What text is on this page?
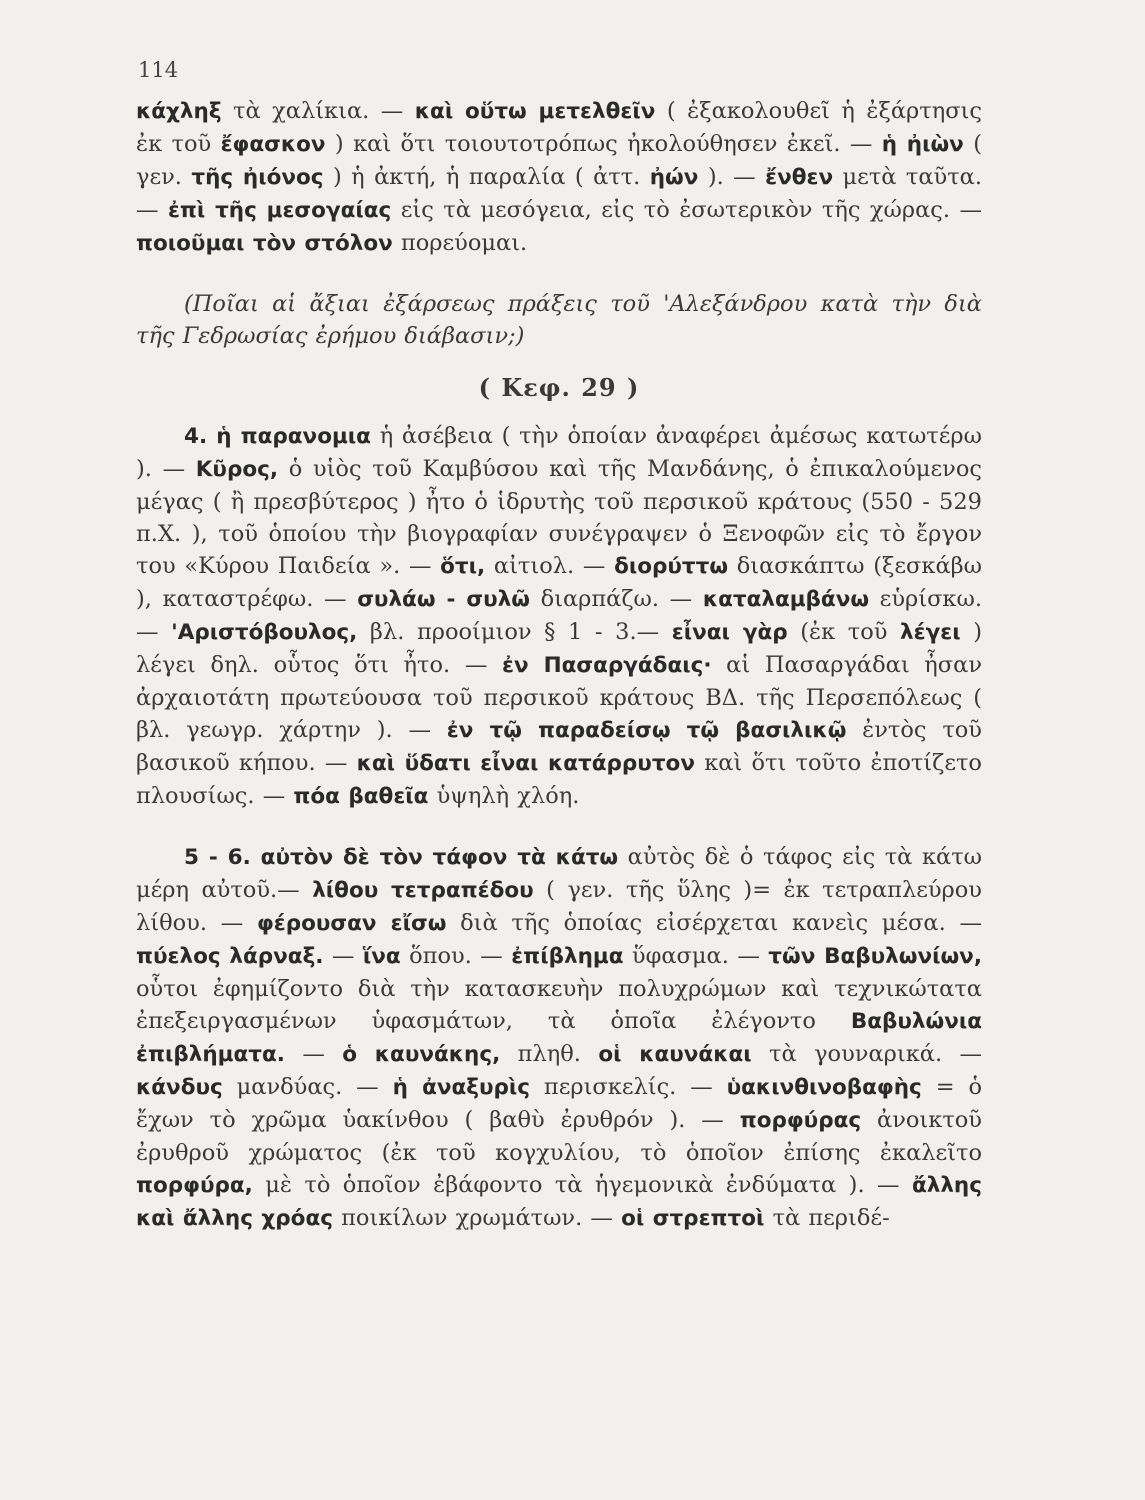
114

κάχληξ τὰ χαλίκια. — καὶ οὕτω μετελθεῖν ( ἐξακολουθεῖ ἡ ἐξάρτησις ἐκ τοῦ ἔφασκον ) καὶ ὅτι τοιουτοτρόπως ἠκολούθησεν ἐκεῖ. — ἡ ἠιὼν ( γεν. τῆς ἠιόνος ) ἡ ἀκτή, ἡ παραλία ( ἀττ. ἠών ). — ἔνθεν μετὰ ταῦτα. — ἐπὶ τῆς μεσογαίας εἰς τὰ μεσόγεια, εἰς τὸ ἐσωτερικὸν τῆς χώρας. — ποιοῦμαι τὸν στόλον πορεύομαι.

(Ποῖαι αἱ ἄξιαι ἐξάρσεως πράξεις τοῦ 'Αλεξάνδρου κατὰ τὴν διὰ τῆς Γεδρωσίας ἐρήμου διάβασιν;)

( Κεφ. 29 )

4. ἡ παρανομια ἡ ἀσέβεια ( τὴν ὁποίαν ἀναφέρει ἀμέσως κατωτέρω ). — Κῦρος, ὁ υἱὸς τοῦ Καμβύσου καὶ τῆς Μανδάνης, ὁ ἐπικαλούμενος μέγας ( ἢ πρεσβύτερος ) ἦτο ὁ ἱδρυτὴς τοῦ περσικοῦ κράτους (550 - 529 π.Χ. ), τοῦ ὁποίου τὴν βιογραφίαν συνέγραψεν ὁ Ξενοφῶν εἰς τὸ ἔργον του «Κύρου Παιδεία ». — ὅτι, αἰτιολ. — διορύττω διασκάπτω (ξεσκάβω ), καταστρέφω. — συλάω - συλῶ διαρπάζω. — καταλαμβάνω εὑρίσκω.— 'Αριστόβουλος, βλ. προοίμιον § 1 - 3.— εἶναι γὰρ (ἐκ τοῦ λέγει ) λέγει δηλ. οὗτος ὅτι ἦτο. — ἐν Πασαργάδαις· αἱ Πασαργάδαι ἦσαν ἀρχαιοτάτη πρωτεύουσα τοῦ περσικοῦ κράτους ΒΔ. τῆς Περσεπόλεως ( βλ. γεωγρ. χάρτην ). — ἐν τῷ παραδείσῳ τῷ βασιλικῷ ἐντὸς τοῦ βασικοῦ κήπου. — καὶ ὕδατι εἶναι κατάρρυτον καὶ ὅτι τοῦτο ἐποτίζετο πλουσίως. — πόα βαθεῖα ὑψηλὴ χλόη.

5 - 6. αὐτὸν δὲ τὸν τάφον τὰ κάτω αὐτὸς δὲ ὁ τάφος εἰς τὰ κάτω μέρη αὐτοῦ.— λίθου τετραπέδου ( γεν. τῆς ὕλης )= ἐκ τετραπλεύρου λίθου. — φέρουσαν εἴσω διὰ τῆς ὁποίας εἰσέρχεται κανεὶς μέσα. — πύελος λάρναξ. — ἵνα ὅπου. — ἐπίβλημα ὕφασμα. — τῶν Βαβυλωνίων, οὗτοι ἐφημίζοντο διὰ τὴν κατασκευὴν πολυχρώμων καὶ τεχνικώτατα ἐπεξειργασμένων ὑφασμάτων, τὰ ὁποῖα ἐλέγοντο Βαβυλώνια ἐπιβλήματα. — ὁ καυνάκης, πληθ. οἱ καυνάκαι τὰ γουναρικά. — κάνδυς μανδύας. — ἡ ἀναξυρὶς περισκελίς. — ὑακινθινοβαφὴς = ὁ ἔχων τὸ χρῶμα ὑακίνθου ( βαθὺ ἐρυθρόν ). — πορφύρας ἀνοικτοῦ ἐρυθροῦ χρώματος (ἐκ τοῦ κογχυλίου, τὸ ὁποῖον ἐπίσης ἐκαλεῖτο πορφύρα, μὲ τὸ ὁποῖον ἐβάφοντο τὰ ἡγεμονικὰ ἐνδύματα ). — ἄλλης καὶ ἄλλης χρόας ποικίλων χρωμάτων. — οἱ στρεπτοὶ τὰ περιδέ-
